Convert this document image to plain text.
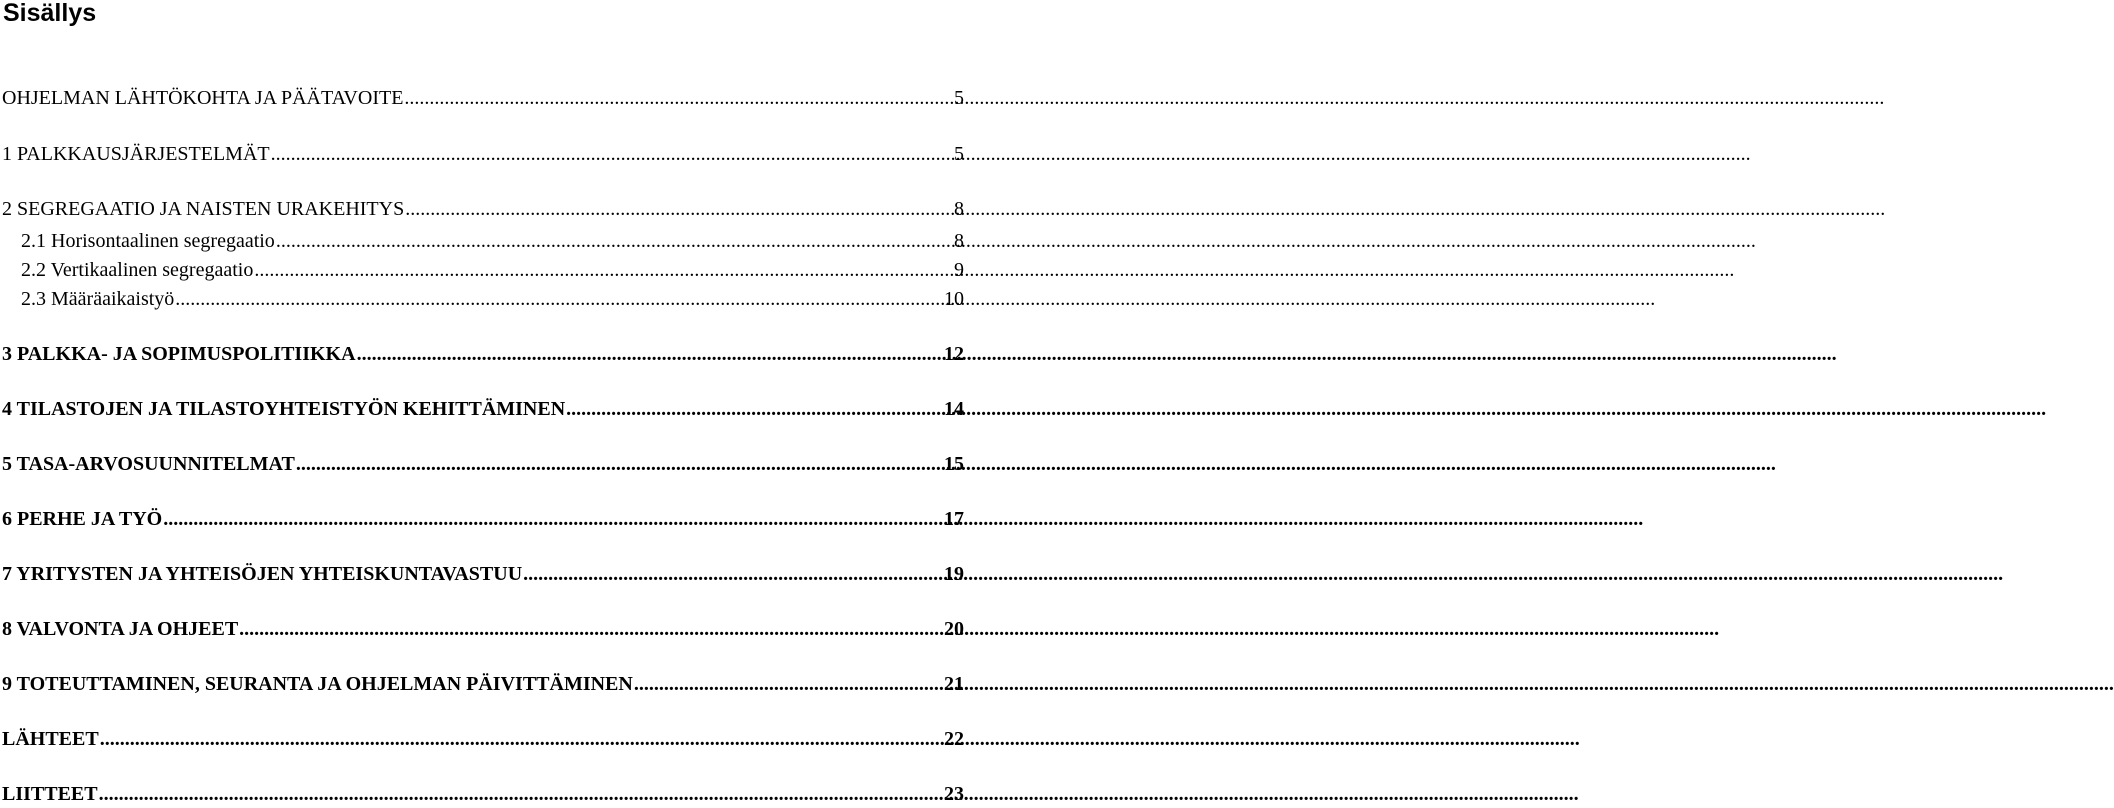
Sisällys
OHJELMAN LÄHTÖKOHTA JA PÄÄTAVOITE .....	5
1 PALKKAUSJÄRJESTELMÄT .....	5
2 SEGREGAATIO JA NAISTEN URAKEHITYS .....	8
2.1 Horisontaalinen segregaatio .....	8
2.2 Vertikaalinen segregaatio .....	9
2.3 Määräaikaistyö .....	10
3 PALKKA- JA SOPIMUSPOLITIIKKA .....	12
4 TILASTOJEN JA TILASTOYHTEISTYÖN KEHITTÄMINEN .....	14
5 TASA-ARVOSUUNNITELMAT .....	15
6 PERHE JA TYÖ .....	17
7 YRITYSTEN JA YHTEISÖJEN YHTEISKUNTAVASTUU .....	19
8 VALVONTA JA OHJEET .....	20
9 TOTEUTTAMINEN, SEURANTA JA OHJELMAN PÄIVITTÄMINEN .....	21
LÄHTEET .....	22
LIITTEET .....	23
